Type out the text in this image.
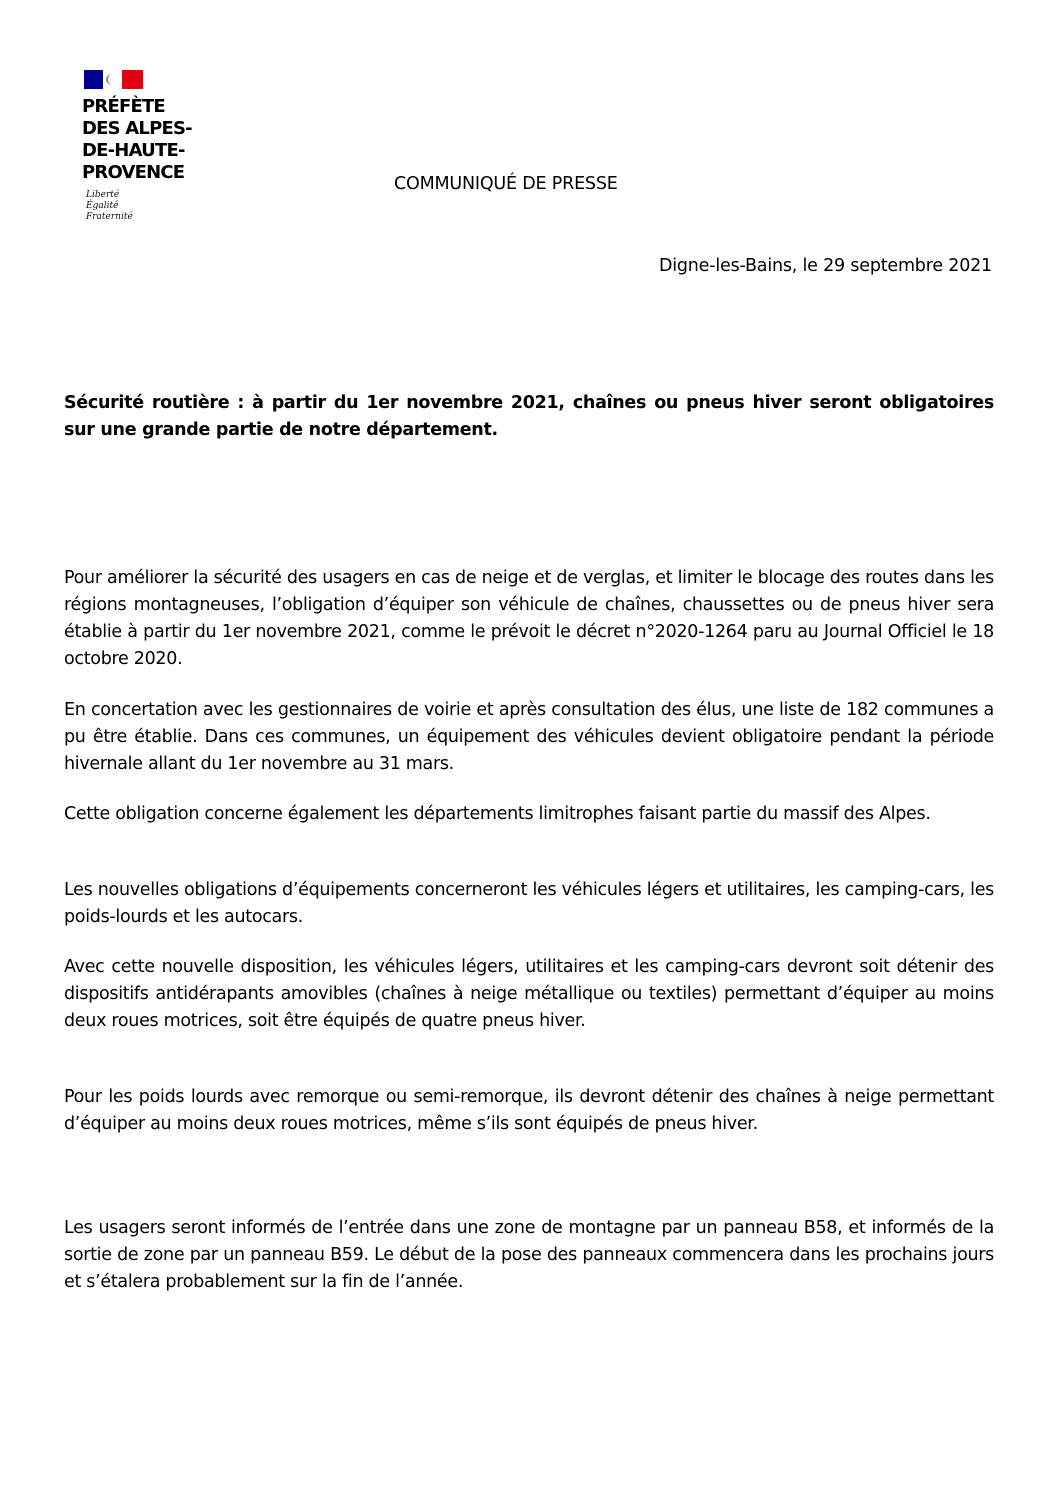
PRÉFÈTE
DES ALPES-
DE-HAUTE-
PROVENCE
Liberté
Égalité
Fraternité
COMMUNIQUÉ DE PRESSE
Digne-les-Bains, le 29 septembre 2021
Sécurité routière : à partir du 1er novembre 2021, chaînes ou pneus hiver seront obligatoires sur une grande partie de notre département.

Pour améliorer la sécurité des usagers en cas de neige et de verglas, et limiter le blocage des routes dans les régions montagneuses, l’obligation d’équiper son véhicule de chaînes, chaussettes ou de pneus hiver sera établie à partir du 1er novembre 2021, comme le prévoit le décret n°2020-1264 paru au Journal Officiel le 18 octobre 2020.

En concertation avec les gestionnaires de voirie et après consultation des élus, une liste de 182 communes a pu être établie. Dans ces communes, un équipement des véhicules devient obligatoire pendant la période hivernale allant du 1er novembre au 31 mars.

Cette obligation concerne également les départements limitrophes faisant partie du massif des Alpes.

Les nouvelles obligations d’équipements concerneront les véhicules légers et utilitaires, les camping-cars, les poids-lourds et les autocars.

Avec cette nouvelle disposition, les véhicules légers, utilitaires et les camping-cars devront soit détenir des dispositifs antidérapants amovibles (chaînes à neige métallique ou textiles) permettant d’équiper au moins deux roues motrices, soit être équipés de quatre pneus hiver.

Pour les poids lourds avec remorque ou semi-remorque, ils devront détenir des chaînes à neige permettant d’équiper au moins deux roues motrices, même s’ils sont équipés de pneus hiver.

Les usagers seront informés de l’entrée dans une zone de montagne par un panneau B58, et informés de la sortie de zone par un panneau B59. Le début de la pose des panneaux commencera dans les prochains jours et s’étalera probablement sur la fin de l’année.
